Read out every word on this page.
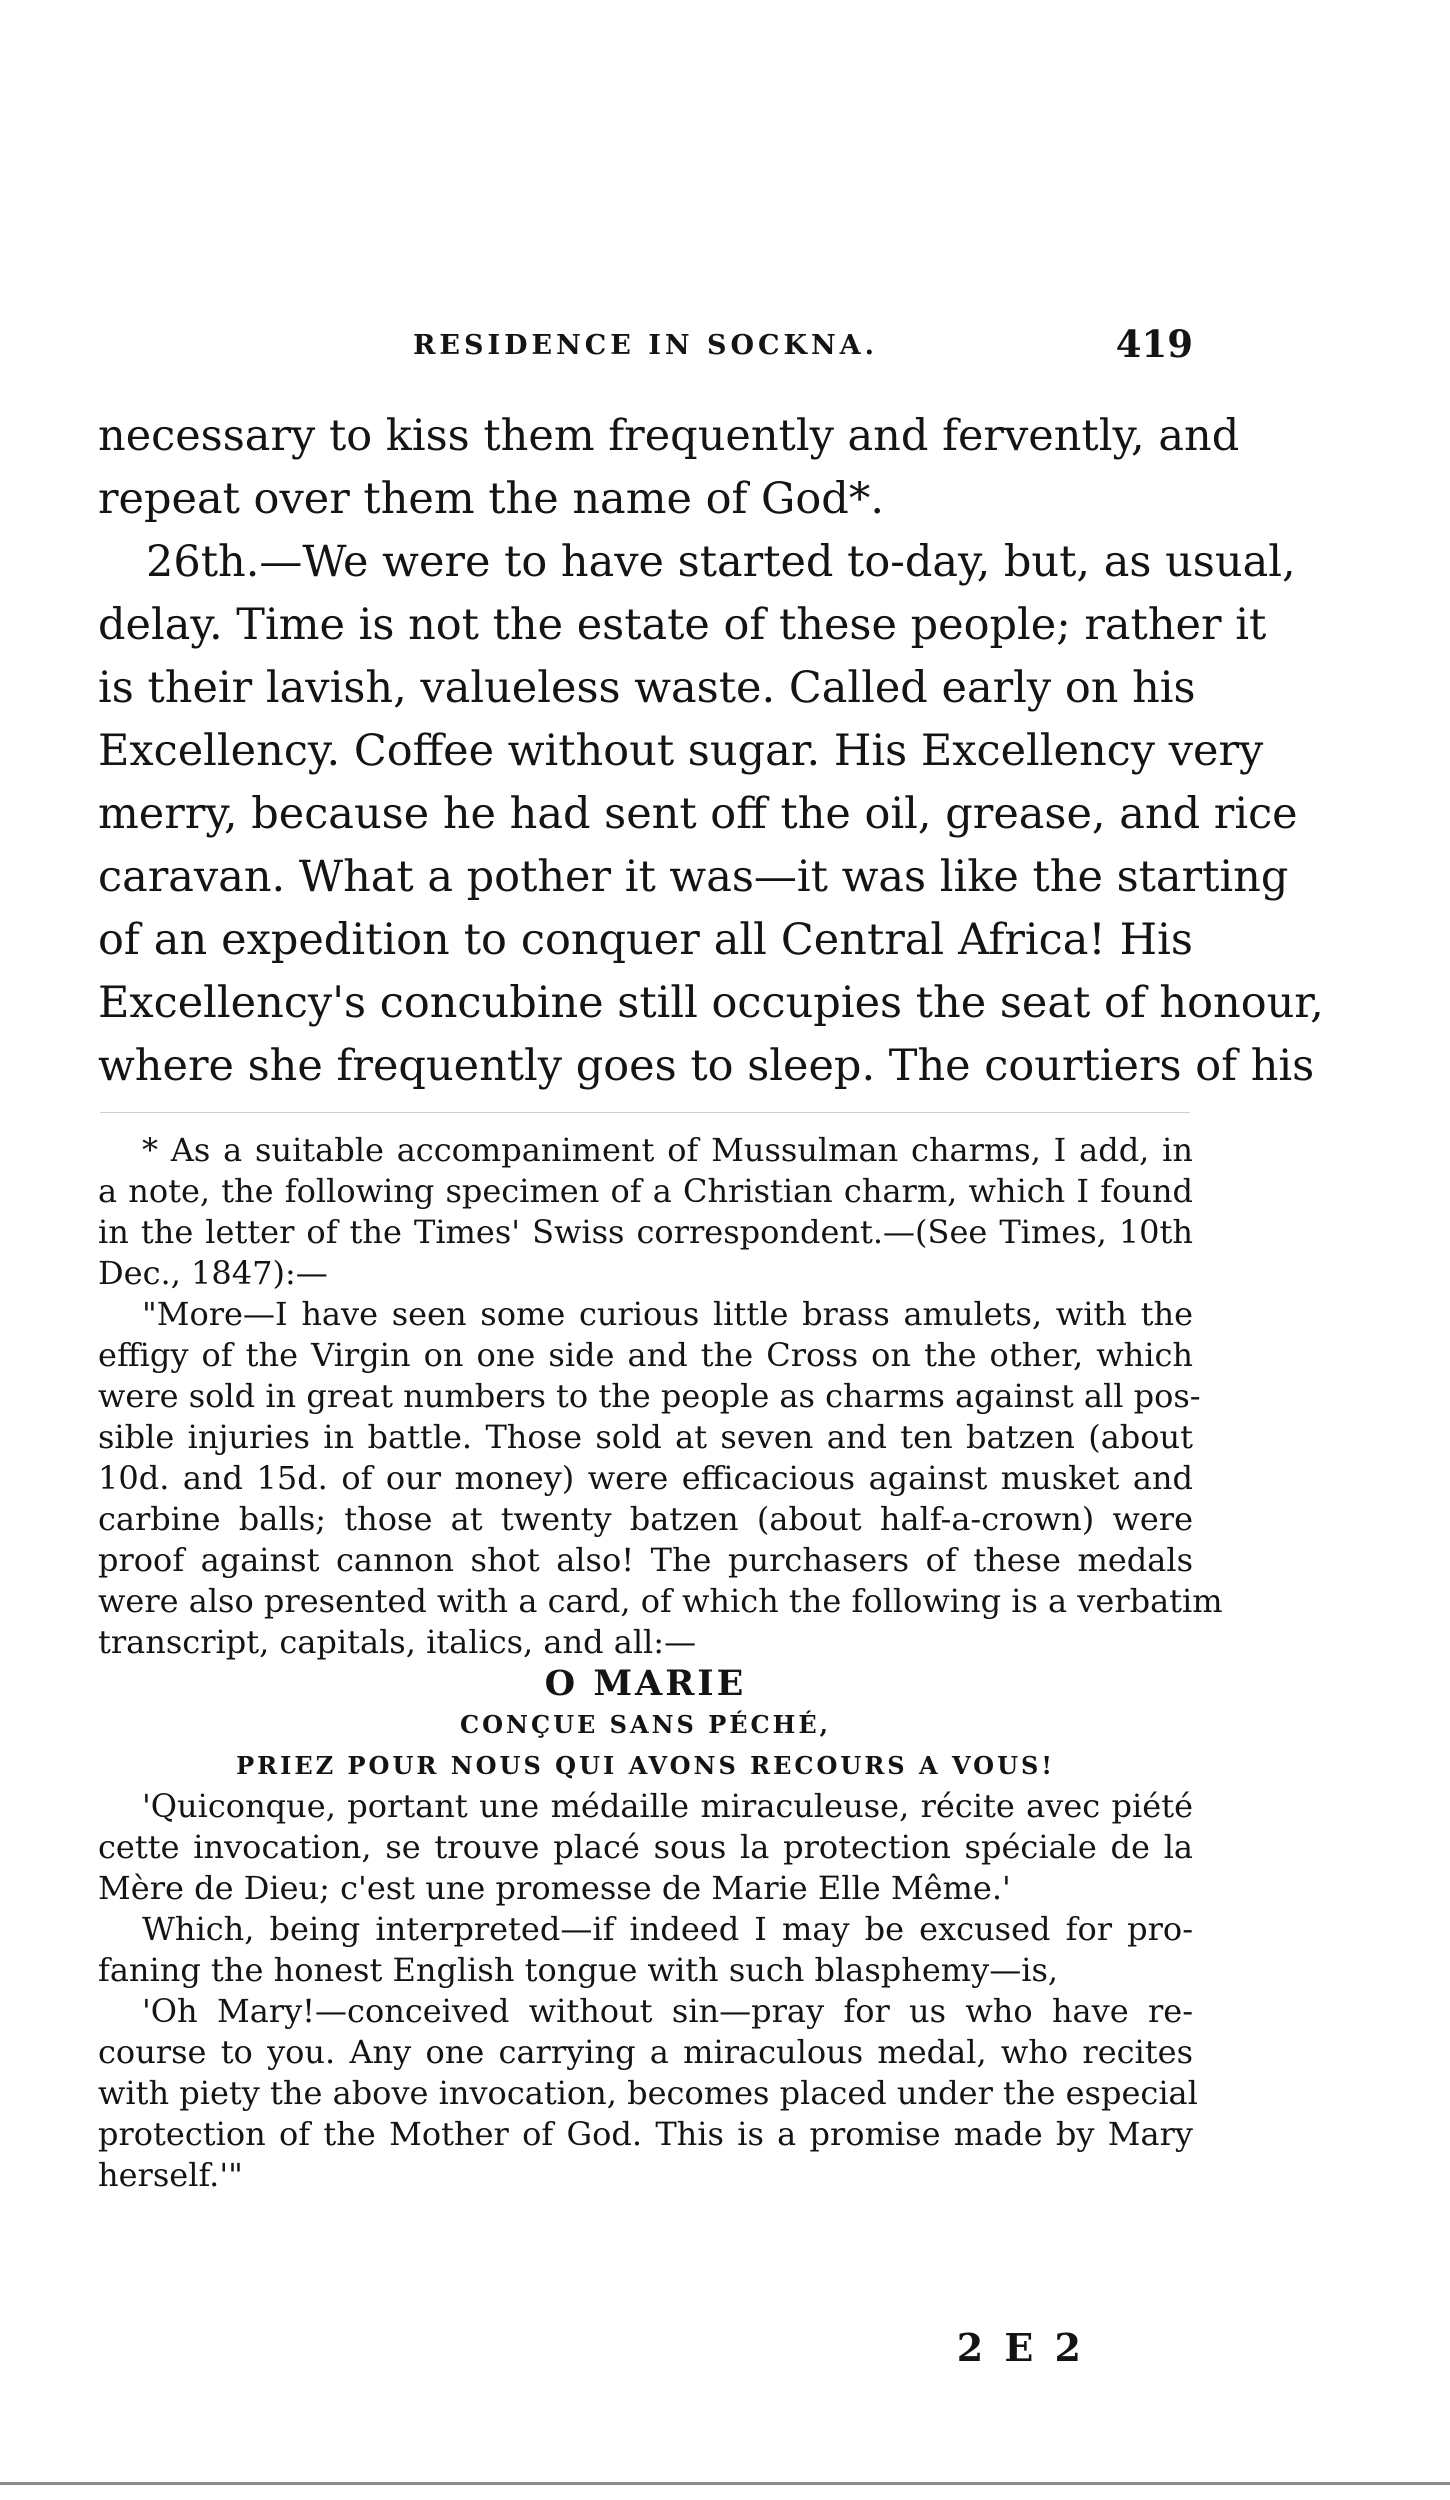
RESIDENCE IN SOCKNA.	419
necessary to kiss them frequently and fervently, and
repeat over them the name of God*.
26th.—We were to have started to-day, but, as usual,
delay. Time is not the estate of these people; rather it
is their lavish, valueless waste. Called early on his
Excellency. Coffee without sugar. His Excellency very
merry, because he had sent off the oil, grease, and rice
caravan. What a pother it was—it was like the starting
of an expedition to conquer all Central Africa! His
Excellency's concubine still occupies the seat of honour,
where she frequently goes to sleep. The courtiers of his
* As a suitable accompaniment of Mussulman charms, I add, in
a note, the following specimen of a Christian charm, which I found
in the letter of the Times' Swiss correspondent.—(See Times, 10th
Dec., 1847):—
"More—I have seen some curious little brass amulets, with the
effigy of the Virgin on one side and the Cross on the other, which
were sold in great numbers to the people as charms against all pos-
sible injuries in battle. Those sold at seven and ten batzen (about
10d. and 15d. of our money) were efficacious against musket and
carbine balls; those at twenty batzen (about half-a-crown) were
proof against cannon shot also! The purchasers of these medals
were also presented with a card, of which the following is a verbatim
transcript, capitals, italics, and all:—
O MARIE
CONÇUE SANS PÉCHÉ,
PRIEZ POUR NOUS QUI AVONS RECOURS A VOUS!
'Quiconque, portant une médaille miraculeuse, récite avec piété
cette invocation, se trouve placé sous la protection spéciale de la
Mère de Dieu; c'est une promesse de Marie Elle Même.'
Which, being interpreted—if indeed I may be excused for pro-
faning the honest English tongue with such blasphemy—is,
'Oh Mary!—conceived without sin—pray for us who have re-
course to you. Any one carrying a miraculous medal, who recites
with piety the above invocation, becomes placed under the especial
protection of the Mother of God. This is a promise made by Mary
herself.'"
2 E 2
